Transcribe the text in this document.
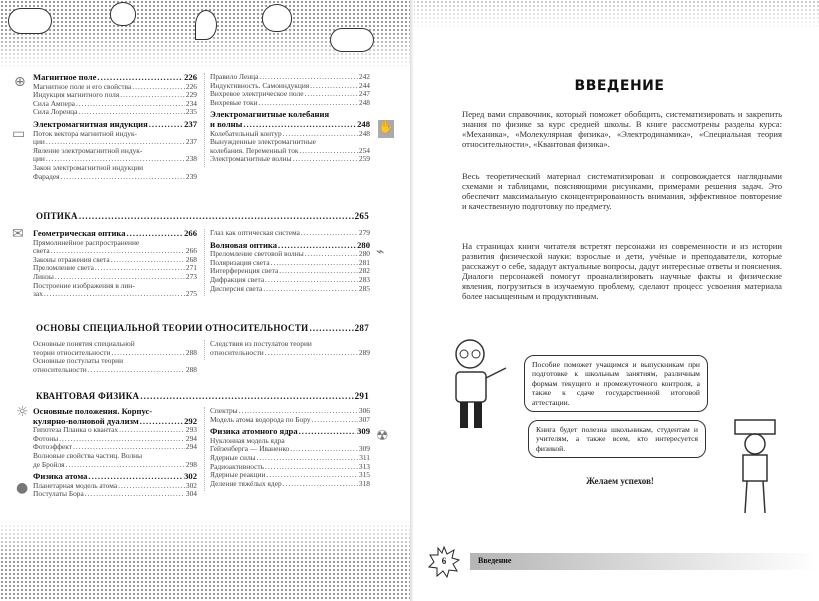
Магнитное поле .....	226
Магнитное поле и его свойства .....	226
Индукция магнитного поля .....	229
Сила Ампера .....	234
Сила Лоренца .....	235
Электромагнитная индукция .....	237
Поток вектора магнитной индук-
ции .....	237
Явление электромагнитной индук-
ции .....	238
Закон электромагнитной индукции
Фарадея .....	239
Правило Ленца .....	242
Индуктивность. Самоиндукция .....	244
Вихревое электрическое поле .....	247
Вихревые токи .....	248
Электромагнитные колебания
и волны .....	248
Колебательный контур .....	248
Вынужденные электромагнитные
колебания. Переменный ток .....	254
Электромагнитные волны .....	259
ОПТИКА .....	265
Геометрическая оптика .....	266
Прямолинейное распространение
света .....	266
Законы отражения света .....	268
Преломление света .....	271
Линзы .....	273
Построение изображения в лин-
зах .....	275
Глаз как оптическая система .....	279
Волновая оптика .....	280
Преломление световой волны .....	280
Поляризация света .....	281
Интерференция света .....	282
Дифракция света .....	283
Дисперсия света .....	285
ОСНОВЫ СПЕЦИАЛЬНОЙ ТЕОРИИ ОТНОСИТЕЛЬНОСТИ .....	287
Основные понятия специальной
теории относительности .....	288
Основные постулаты теории
относительности .....	288
Следствия из постулатов теории
относительности .....	289
КВАНТОВАЯ ФИЗИКА .....	291
Основные положения. Корпус-
кулярно-волновой дуализм .....	292
Гипотеза Планка о квантах .....	293
Фотоны .....	294
Фотоэффект .....	294
Волновые свойства частиц. Волны
де Бройля .....	298
Физика атома .....	302
Планетарная модель атома .....	302
Постулаты Бора .....	304
Спектры .....	306
Модель атома водорода по Бору .....	307
Физика атомного ядра .....	309
Нуклонная модель ядра
Гейзенберга — Иваненко .....	309
Ядерные силы .....	311
Радиоактивность .....	313
Ядерные реакции .....	315
Деление тяжёлых ядер .....	318
⊕
▭	✋
✉
⌁
☼
☢
●
ВВЕДЕНИЕ

Перед вами справочник, который поможет обобщить, систематизировать и закрепить знания по физике за курс средней школы. В книге рассмотрены разделы курса: «Механика», «Молекулярная физика», «Электродинамика», «Специальная теория относительности», «Квантовая физика».

Весь теоретический материал систематизирован и сопровождается наглядными схемами и таблицами, поясняющими рисунками, примерами решения задач. Это обеспечит максимальную сконцентрированность внимания, эффективное повторение и качественную подготовку по предмету.

На страницах книги читателя встретят персонажи из современности и из истории развития физической науки: взрослые и дети, учёные и преподаватели, которые расскажут о себе, зададут актуальные вопросы, дадут интересные ответы и пояснения. Диалоги персонажей помогут проанализировать научные факты и физические явления, погрузиться в изучаемую проблему, сделают процесс усвоения материала более насыщенным и продуктивным.

Пособие поможет учащимся и выпускникам при подготовке к школьным занятиям, различным формам текущего и промежуточного контроля, а также к сдаче государственной итоговой аттестации.
Книга будет полезна школьникам, студентам и учителям, а также всем, кто интересуется физикой.
Желаем успехов!
6	Введение
